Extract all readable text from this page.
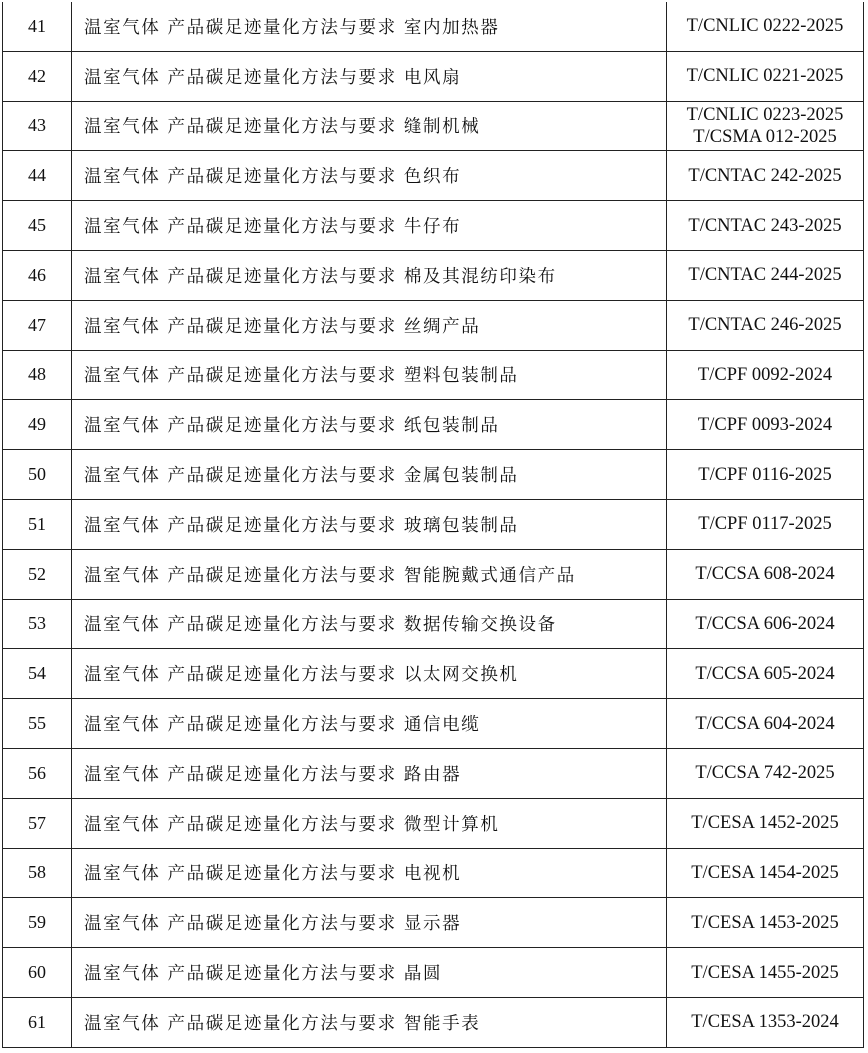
41	温室气体 产品碳足迹量化方法与要求 室内加热器	T/CNLIC 0222-2025

42	温室气体 产品碳足迹量化方法与要求 电风扇	T/CNLIC 0221-2025

43	温室气体 产品碳足迹量化方法与要求 缝制机械	T/CNLIC 0223-2025
T/CSMA 012-2025

44	温室气体 产品碳足迹量化方法与要求 色织布	T/CNTAC 242-2025

45	温室气体 产品碳足迹量化方法与要求 牛仔布	T/CNTAC 243-2025

46	温室气体 产品碳足迹量化方法与要求 棉及其混纺印染布	T/CNTAC 244-2025

47	温室气体 产品碳足迹量化方法与要求 丝绸产品	T/CNTAC 246-2025

48	温室气体 产品碳足迹量化方法与要求 塑料包装制品	T/CPF 0092-2024

49	温室气体 产品碳足迹量化方法与要求 纸包装制品	T/CPF 0093-2024

50	温室气体 产品碳足迹量化方法与要求 金属包装制品	T/CPF 0116-2025

51	温室气体 产品碳足迹量化方法与要求 玻璃包装制品	T/CPF 0117-2025

52	温室气体 产品碳足迹量化方法与要求 智能腕戴式通信产品	T/CCSA 608-2024

53	温室气体 产品碳足迹量化方法与要求 数据传输交换设备	T/CCSA 606-2024

54	温室气体 产品碳足迹量化方法与要求 以太网交换机	T/CCSA 605-2024

55	温室气体 产品碳足迹量化方法与要求 通信电缆	T/CCSA 604-2024

56	温室气体 产品碳足迹量化方法与要求 路由器	T/CCSA 742-2025

57	温室气体 产品碳足迹量化方法与要求 微型计算机	T/CESA 1452-2025

58	温室气体 产品碳足迹量化方法与要求 电视机	T/CESA 1454-2025

59	温室气体 产品碳足迹量化方法与要求 显示器	T/CESA 1453-2025

60	温室气体 产品碳足迹量化方法与要求 晶圆	T/CESA 1455-2025

61	温室气体 产品碳足迹量化方法与要求 智能手表	T/CESA 1353-2024
